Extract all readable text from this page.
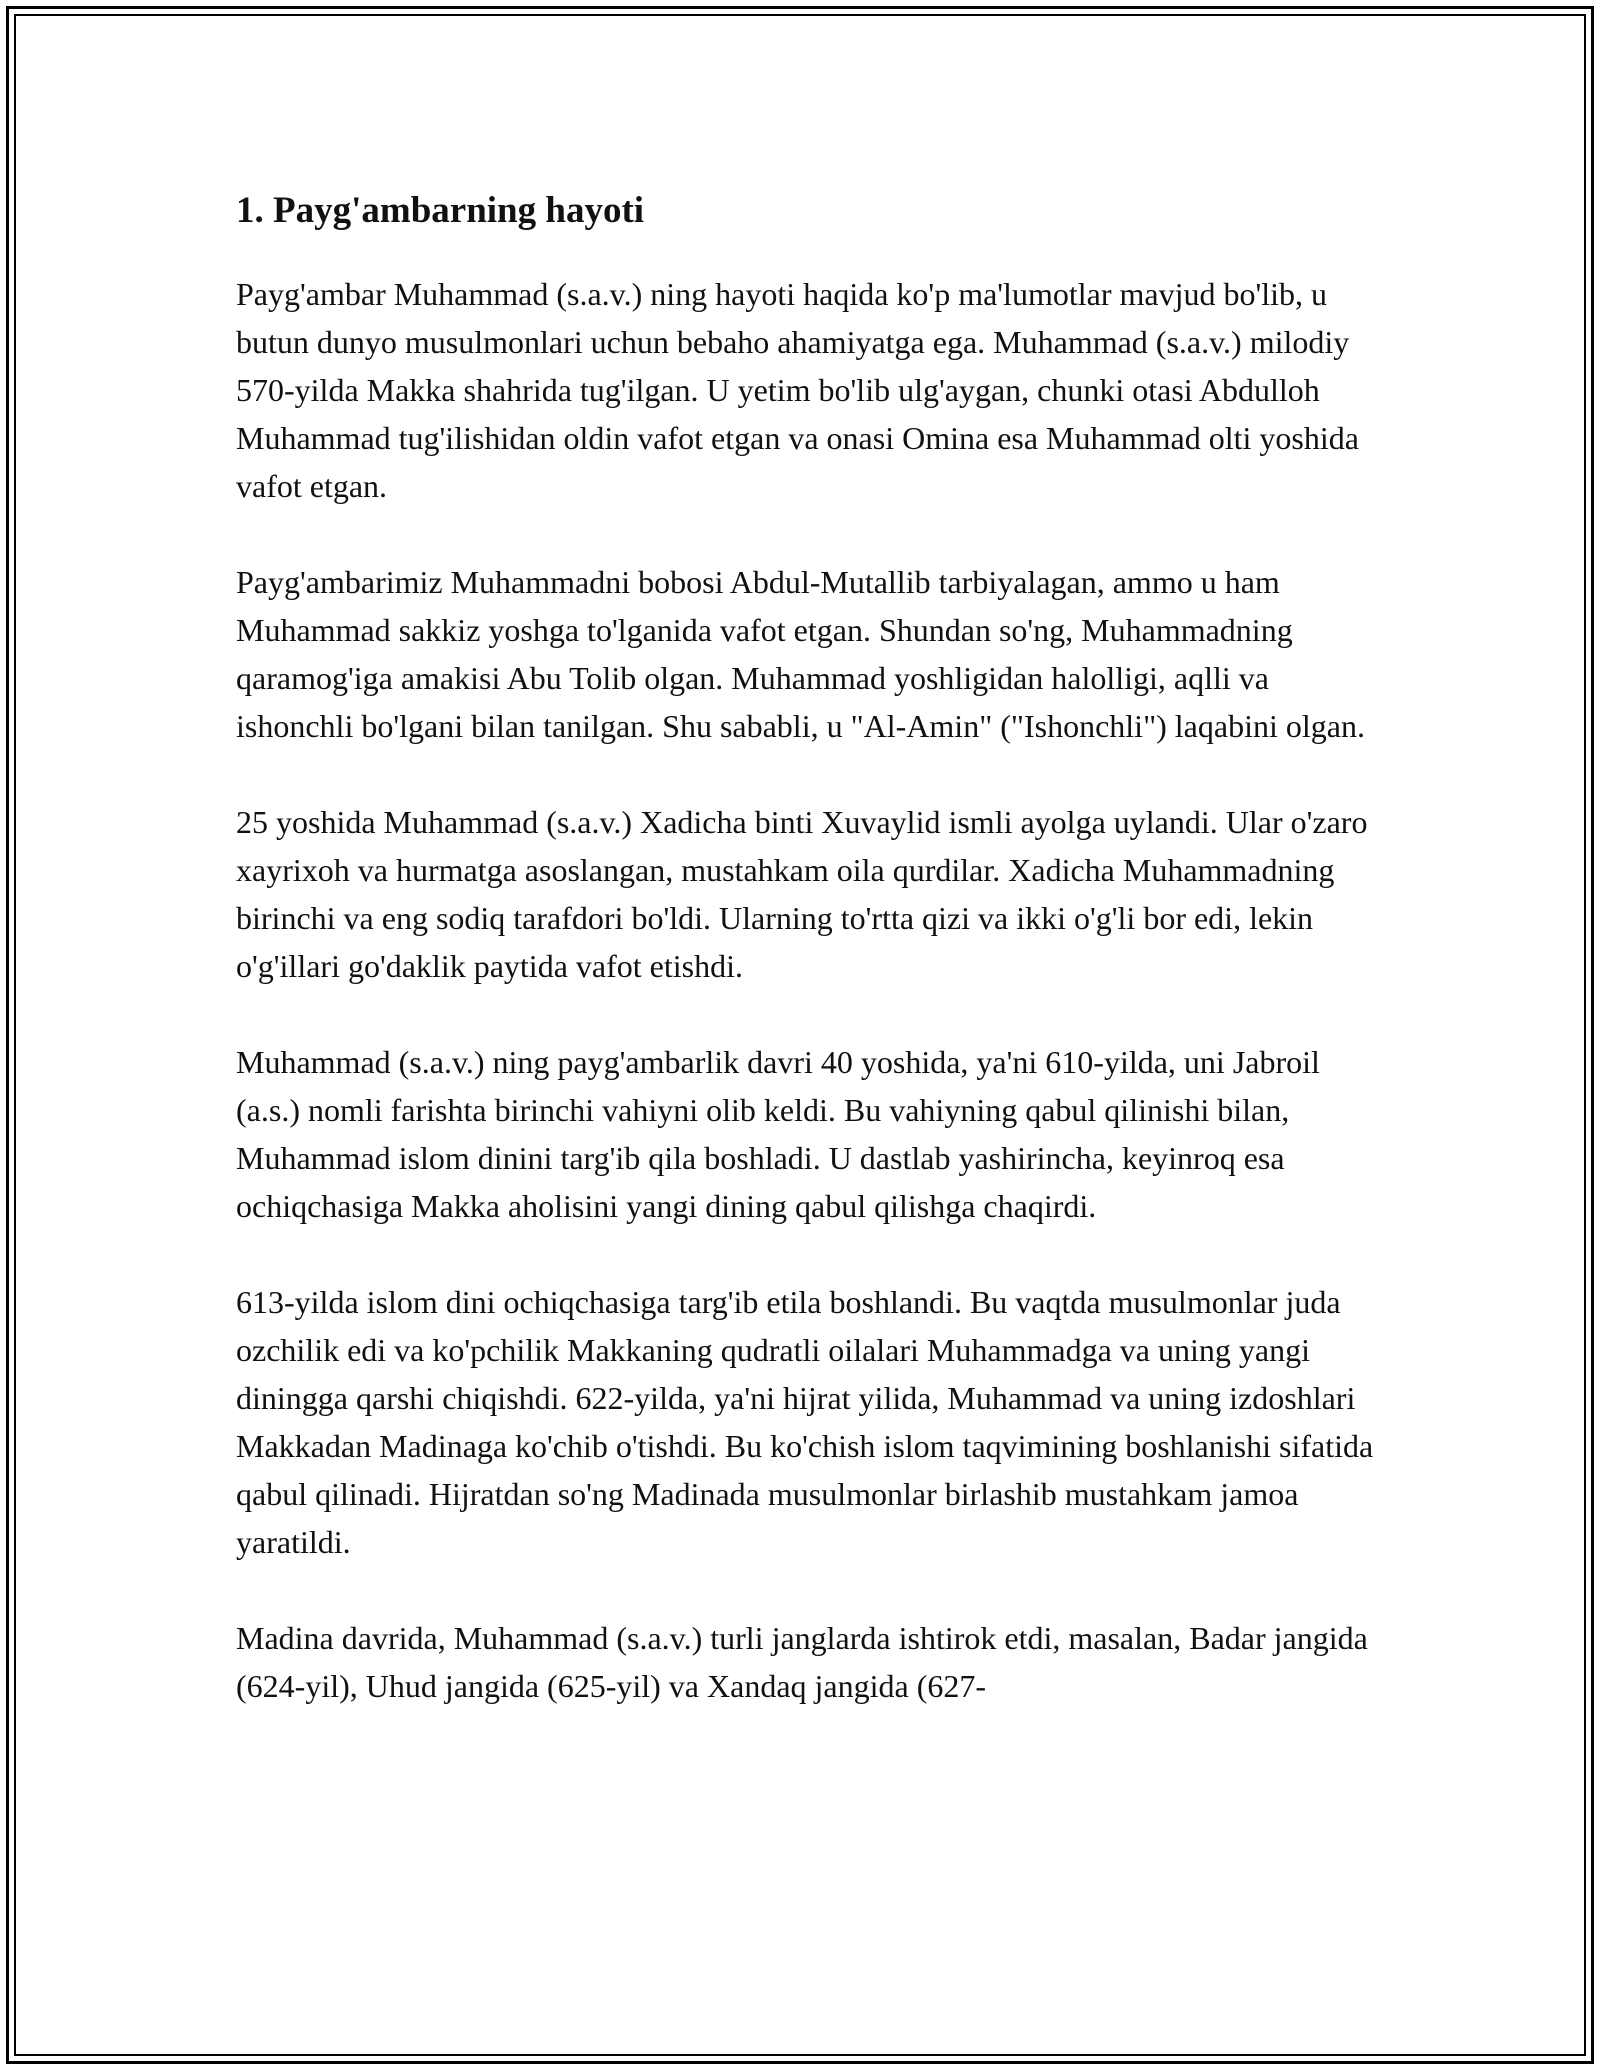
1. Payg'ambarning hayoti

Payg'ambar Muhammad (s.a.v.) ning hayoti haqida ko'p ma'lumotlar mavjud bo'lib, u butun dunyo musulmonlari uchun bebaho ahamiyatga ega. Muhammad (s.a.v.) milodiy 570-yilda Makka shahrida tug'ilgan. U yetim bo'lib ulg'aygan, chunki otasi Abdulloh Muhammad tug'ilishidan oldin vafot etgan va onasi Omina esa Muhammad olti yoshida vafot etgan.

Payg'ambarimiz Muhammadni bobosi Abdul-Mutallib tarbiyalagan, ammo u ham Muhammad sakkiz yoshga to'lganida vafot etgan. Shundan so'ng, Muhammadning qaramog'iga amakisi Abu Tolib olgan. Muhammad yoshligidan halolligi, aqlli va ishonchli bo'lgani bilan tanilgan. Shu sababli, u "Al-Amin" ("Ishonchli") laqabini olgan.

25 yoshida Muhammad (s.a.v.) Xadicha binti Xuvaylid ismli ayolga uylandi. Ular o'zaro xayrixoh va hurmatga asoslangan, mustahkam oila qurdilar. Xadicha Muhammadning birinchi va eng sodiq tarafdori bo'ldi. Ularning to'rtta qizi va ikki o'g'li bor edi, lekin o'g'illari go'daklik paytida vafot etishdi.

Muhammad (s.a.v.) ning payg'ambarlik davri 40 yoshida, ya'ni 610-yilda, uni Jabroil (a.s.) nomli farishta birinchi vahiyni olib keldi. Bu vahiyning qabul qilinishi bilan, Muhammad islom dinini targ'ib qila boshladi. U dastlab yashirincha, keyinroq esa ochiqchasiga Makka aholisini yangi dining qabul qilishga chaqirdi.

613-yilda islom dini ochiqchasiga targ'ib etila boshlandi. Bu vaqtda musulmonlar juda ozchilik edi va ko'pchilik Makkaning qudratli oilalari Muhammadga va uning yangi diningga qarshi chiqishdi. 622-yilda, ya'ni hijrat yilida, Muhammad va uning izdoshlari Makkadan Madinaga ko'chib o'tishdi. Bu ko'chish islom taqvimining boshlanishi sifatida qabul qilinadi. Hijratdan so'ng Madinada musulmonlar birlashib mustahkam jamoa yaratildi.

Madina davrida, Muhammad (s.a.v.) turli janglarda ishtirok etdi, masalan, Badar jangida (624-yil), Uhud jangida (625-yil) va Xandaq jangida (627-
